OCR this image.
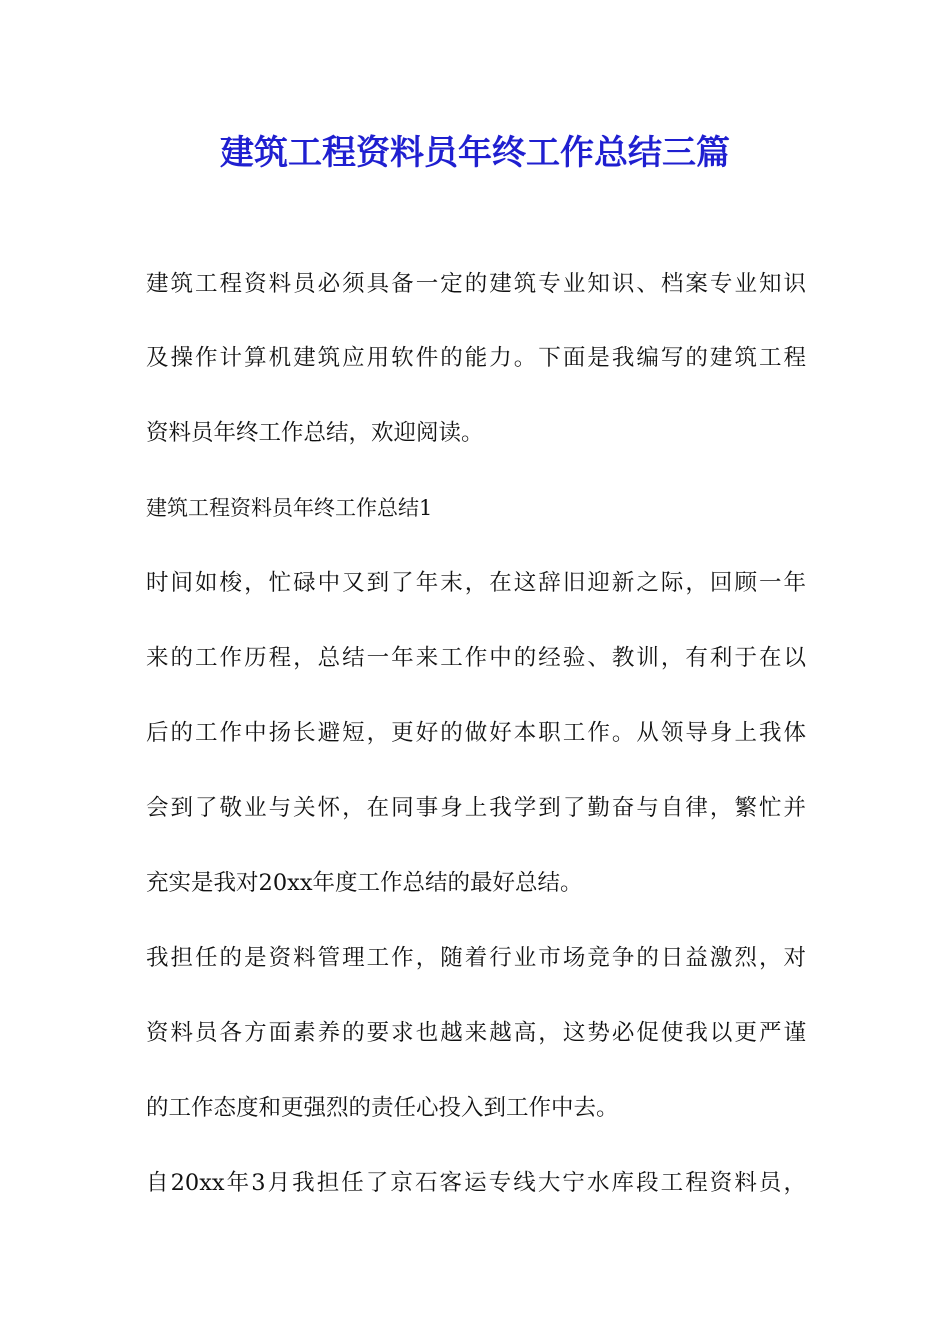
建筑工程资料员年终工作总结三篇

建筑工程资料员必须具备一定的建筑专业知识、档案专业知识

及操作计算机建筑应用软件的能力。下面是我编写的建筑工程

资料员年终工作总结，欢迎阅读。

建筑工程资料员年终工作总结1

时间如梭，忙碌中又到了年末，在这辞旧迎新之际，回顾一年

来的工作历程，总结一年来工作中的经验、教训，有利于在以

后的工作中扬长避短，更好的做好本职工作。从领导身上我体

会到了敬业与关怀，在同事身上我学到了勤奋与自律，繁忙并

充实是我对20xx年度工作总结的最好总结。

我担任的是资料管理工作，随着行业市场竞争的日益激烈，对

资料员各方面素养的要求也越来越高，这势必促使我以更严谨

的工作态度和更强烈的责任心投入到工作中去。

自20xx年3月我担任了京石客运专线大宁水库段工程资料员，
